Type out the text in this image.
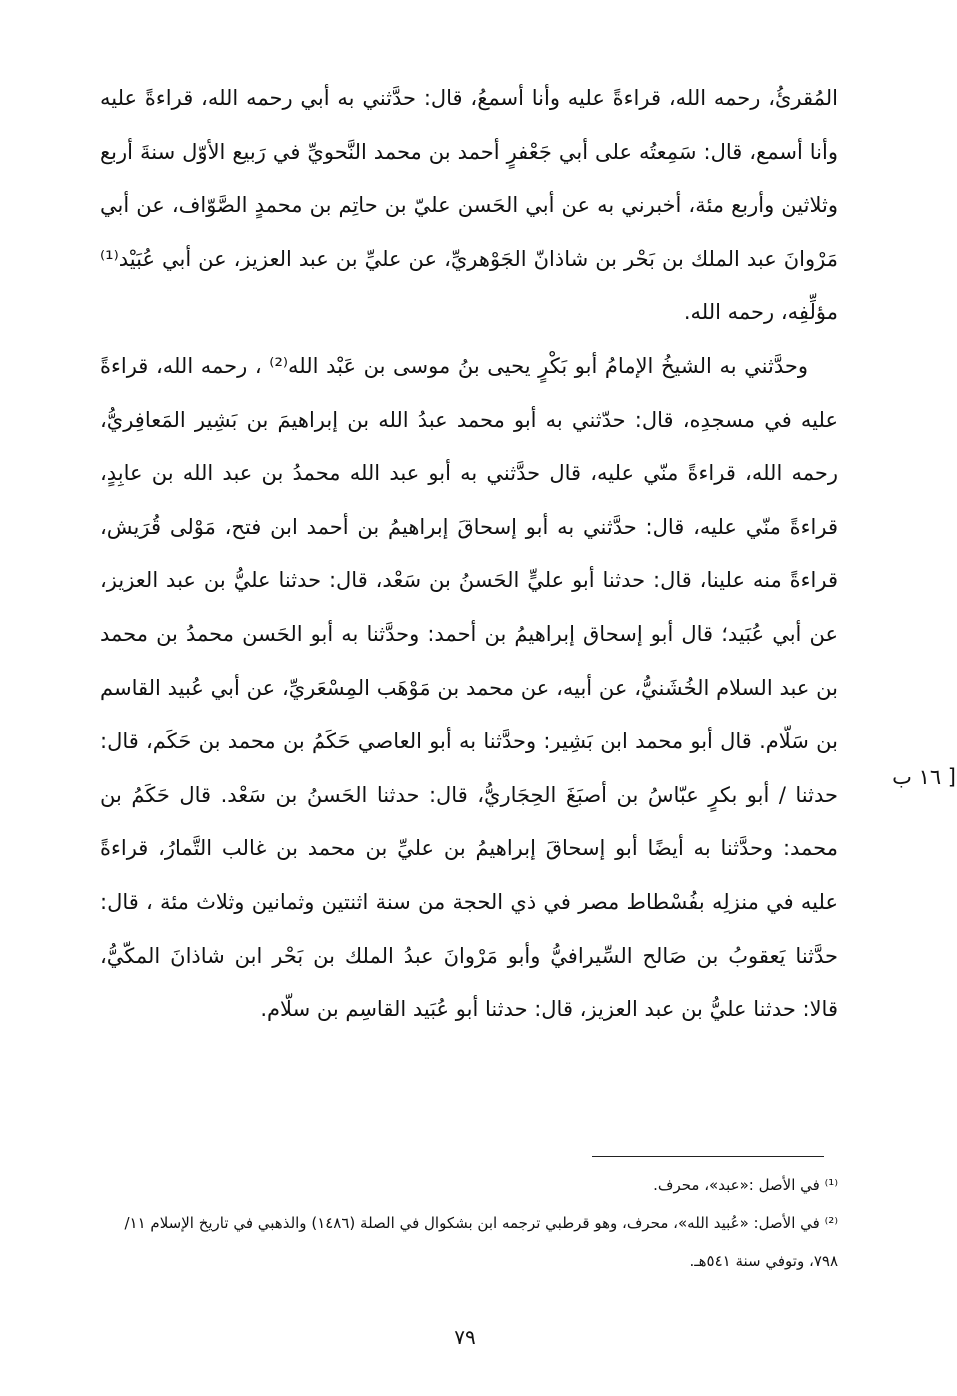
المُقرئُ، رحمه الله، قراءةً عليه وأنا أسمعُ، قال: حدَّثني به أبي رحمه الله، قراءةً عليه وأنا أسمع، قال: سَمِعتُه على أبي جَعْفرٍ أحمد بن محمد النَّحويِّ في رَبيع الأوّل سنةَ أربع وثلاثين وأربع مئة، أخبرني به عن أبي الحَسن عليّ بن حاتِم بن محمدٍ الصَّوّاف، عن أبي مَرْوانَ عبد الملك بن بَحْر بن شاذانّ الجَوْهريِّ، عن عليِّ بن عبد العزيز، عن أبي عُبَيْد⁽¹⁾ مؤلِّفِه، رحمه الله.

وحدَّثني به الشيخُ الإمامُ أبو بَكْرٍ يحيى بنُ موسى بن عَبْد الله⁽²⁾ ، رحمه الله، قراءةً عليه في مسجدِه، قال: حدّثني به أبو محمد عبدُ الله بن إبراهيمَ بن بَشِير المَعافِريُّ، رحمه الله، قراءةً منّي عليه، قال حدَّثني به أبو عبد الله محمدُ بن عبد الله بن عابِدٍ، قراءةً منّي عليه، قال: حدَّثني به أبو إسحاقَ إبراهيمُ بن أحمد ابن فتح، مَوْلى قُرَيش، قراءةً منه علينا، قال: حدثنا أبو عليٍّ الحَسنُ بن سَعْد، قال: حدثنا عليُّ بن عبد العزيز، عن أبي عُبَيد؛ قال أبو إسحاق إبراهيمُ بن أحمد: وحدَّثنا به أبو الحَسن محمدُ بن محمد بن عبد السلام الخُشَنيُّ، عن أبيه، عن محمد بن مَوْهَب المِسْعَريِّ، عن أبي عُبيد القاسم بن سَلّام. قال أبو محمد ابن بَشِير: وحدَّثنا به أبو العاصي حَكَمُ بن محمد بن حَكَم، قال: حدثنا / أبو بكرٍ عبّاسُ بن أصبَغَ الحِجَاريُّ، قال: حدثنا الحَسنُ بن سَعْد. قال حَكَمُ بن محمد: وحدَّثنا به أيضًا أبو إسحاقَ إبراهيمُ بن عليِّ بن محمد بن غالب التَّمارُ، قراءةً عليه في منزلِه بفُسْطاط مصر في ذي الحجة من سنة اثنتين وثمانين وثلاث مئة ، قال: حدَّثنا يَعقوبُ بن صَالح السِّيرافيُّ وأبو مَرْوانَ عبدُ الملك بن بَحْر ابن شاذانَ المكّيُّ، قالا: حدثنا عليُّ بن عبد العزيز، قال: حدثنا أبو عُبَيد القاسِم بن سلّام.

[ ١٦ ب

⁽¹⁾ في الأصل :«عبد»، محرف.

⁽²⁾ في الأصل: «عُبيد الله»، محرف، وهو قرطبي ترجمه ابن بشكوال في الصلة (١٤٨٦) والذهبي في تاريخ الإسلام ١١/ ٧٩٨، وتوفي سنة ٥٤١هـ.

٧٩
